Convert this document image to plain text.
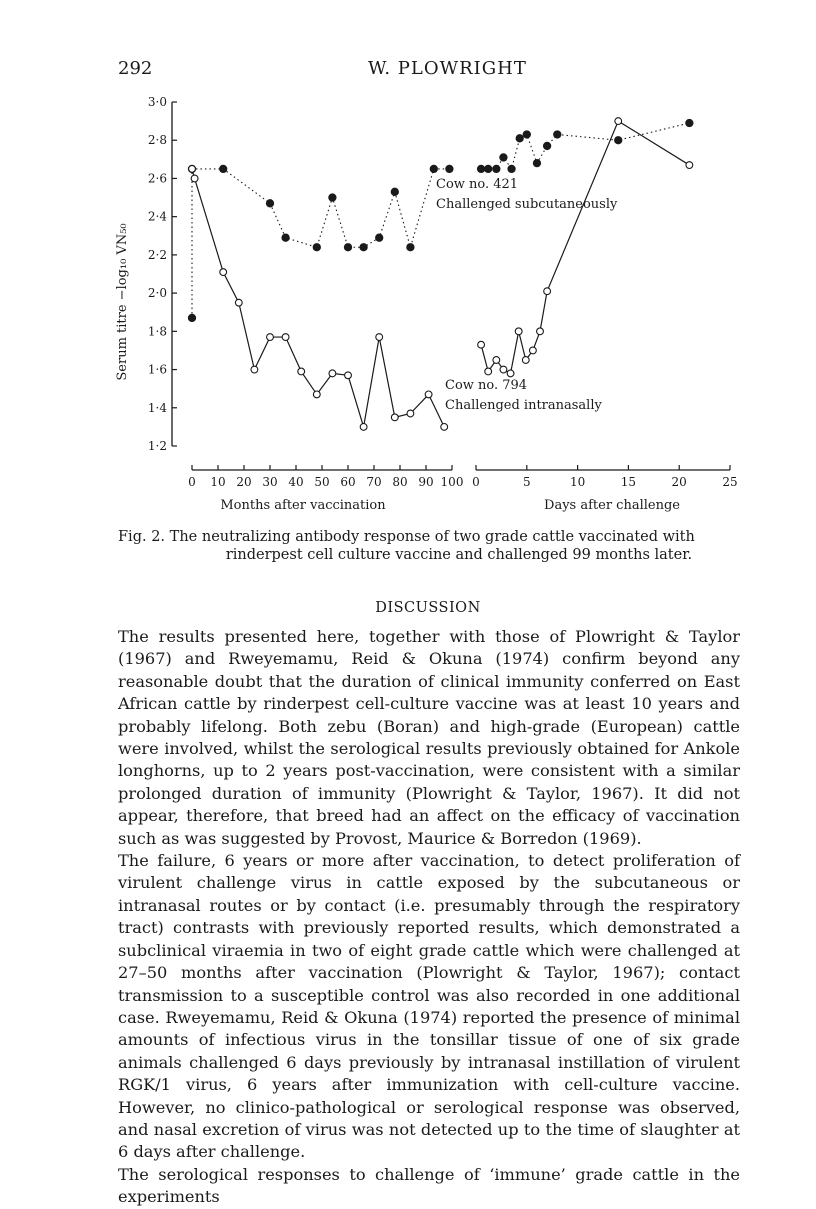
292	W. PLOWRIGHT
1·2
1·4
1·6
1·8
2·0
2·2
2·4
2·6
2·8
3·0
0 10 20 30 40 50 60 70 80 90 100 0	5	10	15	20	25
Serum titre −log₁₀ VN₅₀
Cow no. 421
Challenged subcutaneously
Cow no. 794
Challenged intranasally
Months after vaccination	Days after challenge
Fig. 2. The neutralizing antibody response of two grade cattle vaccinated with
rinderpest cell culture vaccine and challenged 99 months later.
DISCUSSION

The results presented here, together with those of Plowright & Taylor (1967) and Rweyemamu, Reid & Okuna (1974) confirm beyond any reasonable doubt that the duration of clinical immunity conferred on East African cattle by rinderpest cell-culture vaccine was at least 10 years and probably lifelong. Both zebu (Boran) and high-grade (European) cattle were involved, whilst the serological results previously obtained for Ankole longhorns, up to 2 years post-vaccination, were consistent with a similar prolonged duration of immunity (Plowright & Taylor, 1967). It did not appear, therefore, that breed had an affect on the efficacy of vaccination such as was suggested by Provost, Maurice & Borredon (1969).

The failure, 6 years or more after vaccination, to detect proliferation of virulent challenge virus in cattle exposed by the subcutaneous or intranasal routes or by contact (i.e. presumably through the respiratory tract) contrasts with previously reported results, which demonstrated a subclinical viraemia in two of eight grade cattle which were challenged at 27–50 months after vaccination (Plowright & Taylor, 1967); contact transmission to a susceptible control was also recorded in one additional case. Rweyemamu, Reid & Okuna (1974) reported the presence of minimal amounts of infectious virus in the tonsillar tissue of one of six grade animals challenged 6 days previously by intranasal instillation of virulent RGK/1 virus, 6 years after immunization with cell-culture vaccine. However, no clinico-pathological or serological response was observed, and nasal excretion of virus was not detected up to the time of slaughter at 6 days after challenge.

The serological responses to challenge of ‘immune’ grade cattle in the experiments
